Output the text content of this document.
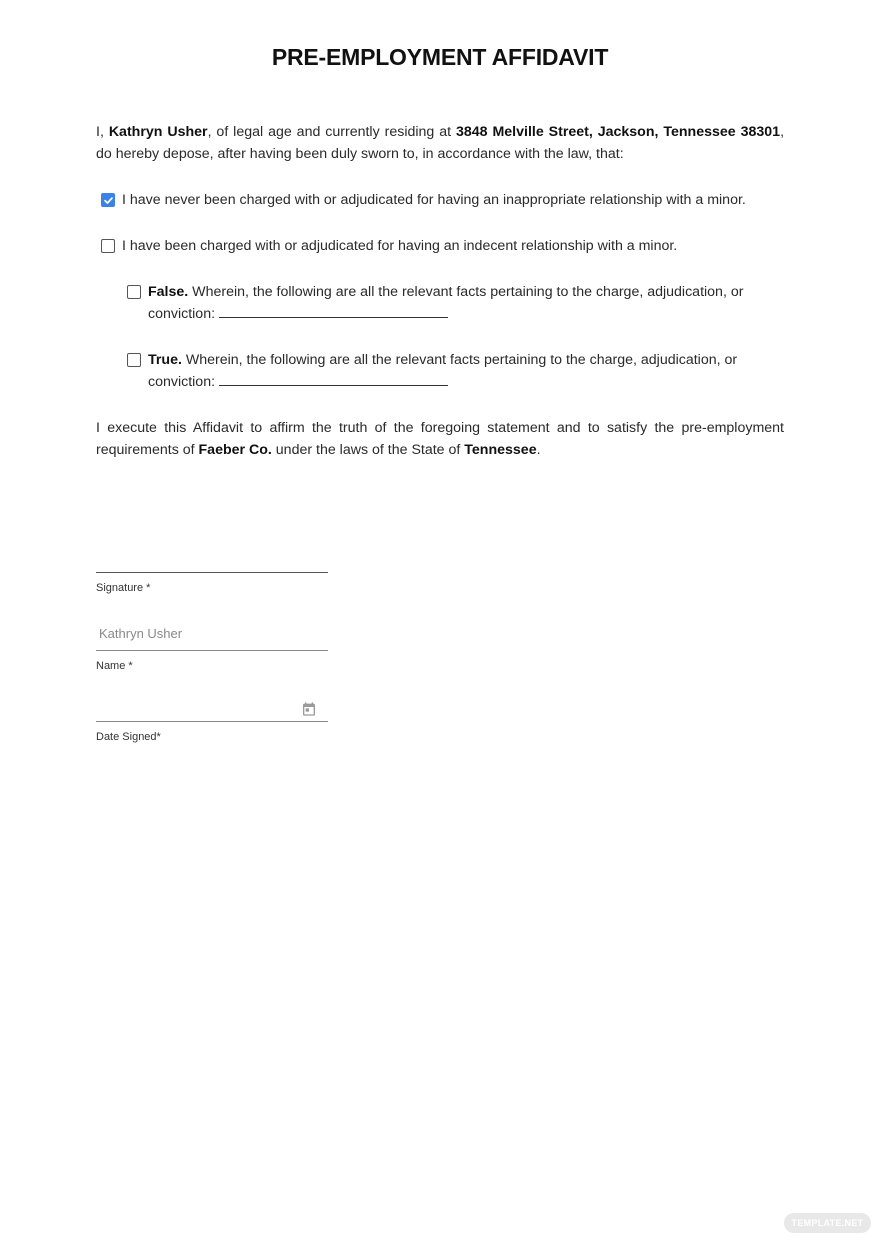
PRE-EMPLOYMENT AFFIDAVIT

I, Kathryn Usher, of legal age and currently residing at 3848 Melville Street, Jackson, Tennessee 38301, do hereby depose, after having been duly sworn to, in accordance with the law, that:

I have never been charged with or adjudicated for having an inappropriate relationship with a minor.
I have been charged with or adjudicated for having an indecent relationship with a minor.
False. Wherein, the following are all the relevant facts pertaining to the charge, adjudication, or conviction:
True. Wherein, the following are all the relevant facts pertaining to the charge, adjudication, or conviction:

I execute this Affidavit to affirm the truth of the foregoing statement and to satisfy the pre-employment requirements of Faeber Co. under the laws of the State of Tennessee.

Signature *
Kathryn Usher
Name *
Date Signed*
TEMPLATE.NET
